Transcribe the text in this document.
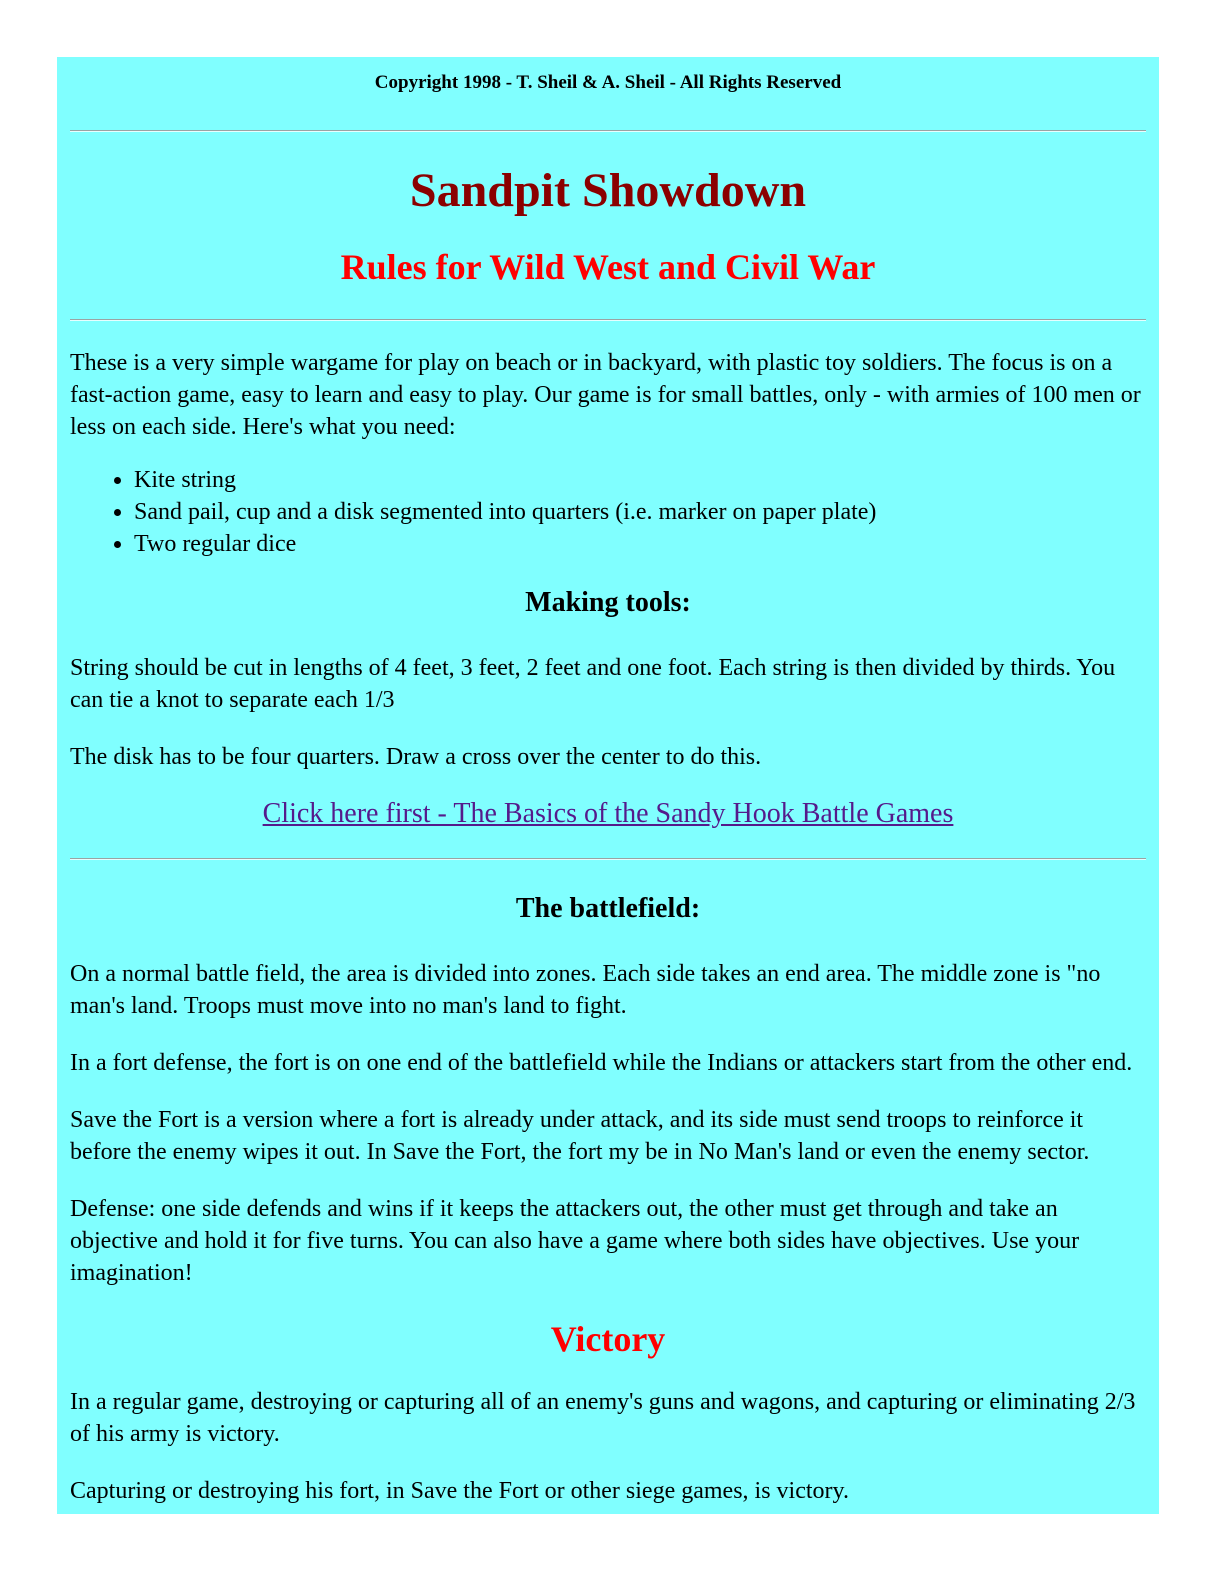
Copyright 1998 - T. Sheil & A. Sheil - All Rights Reserved

Sandpit Showdown
Rules for Wild West and Civil War

These is a very simple wargame for play on beach or in backyard, with plastic toy soldiers. The focus is on a fast-action game, easy to learn and easy to play. Our game is for small battles, only - with armies of 100 men or less on each side. Here's what you need:

• Kite string
• Sand pail, cup and a disk segmented into quarters (i.e. marker on paper plate)
• Two regular dice
Making tools:

String should be cut in lengths of 4 feet, 3 feet, 2 feet and one foot. Each string is then divided by thirds. You can tie a knot to separate each 1/3

The disk has to be four quarters. Draw a cross over the center to do this.

Click here first - The Basics of the Sandy Hook Battle Games

The battlefield:

On a normal battle field, the area is divided into zones. Each side takes an end area. The middle zone is "no man's land. Troops must move into no man's land to fight.

In a fort defense, the fort is on one end of the battlefield while the Indians or attackers start from the other end.

Save the Fort is a version where a fort is already under attack, and its side must send troops to reinforce it before the enemy wipes it out. In Save the Fort, the fort my be in No Man's land or even the enemy sector.

Defense: one side defends and wins if it keeps the attackers out, the other must get through and take an objective and hold it for five turns. You can also have a game where both sides have objectives. Use your imagination!

Victory

In a regular game, destroying or capturing all of an enemy's guns and wagons, and capturing or eliminating 2/3 of his army is victory.

Capturing or destroying his fort, in Save the Fort or other siege games, is victory.
